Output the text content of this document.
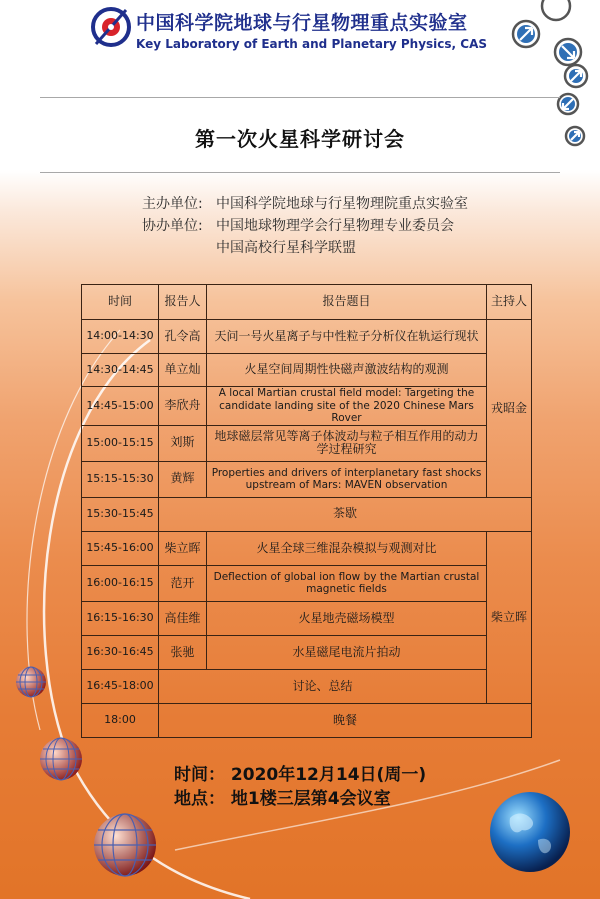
中国科学院地球与行星物理重点实验室
Key Laboratory of Earth and Planetary Physics, CAS
第一次火星科学研讨会
主办单位: 中国科学院地球与行星物理院重点实验室
协办单位: 中国地球物理学会行星物理专业委员会
中国高校行星科学联盟
时间	报告人	报告题目	主持人
14:00-14:30	孔令高	天问一号火星离子与中性粒子分析仪在轨运行现状	戎昭金
14:30-14:45	单立灿	火星空间周期性快磁声激波结构的观测	
14:45-15:00	李欣舟	A local Martian crustal field model: Targeting the candidate landing site of the 2020 Chinese Mars Rover	
15:00-15:15	刘斯	地球磁层常见等离子体波动与粒子相互作用的动力学过程研究	
15:15-15:30	黄辉	Properties and drivers of interplanetary fast shocks upstream of Mars: MAVEN observation	
15:30-15:45	茶歇		
15:45-16:00	柴立晖	火星全球三维混杂模拟与观测对比	柴立晖
16:00-16:15	范开	Deflection of global ion flow by the Martian crustal magnetic fields	
16:15-16:30	高佳维	火星地壳磁场模型	
16:30-16:45	张驰	水星磁尾电流片拍动	
16:45-18:00	讨论、总结		
18:00	晚餐		
时间： 2020年12月14日(周一)
地点： 地1楼三层第4会议室
